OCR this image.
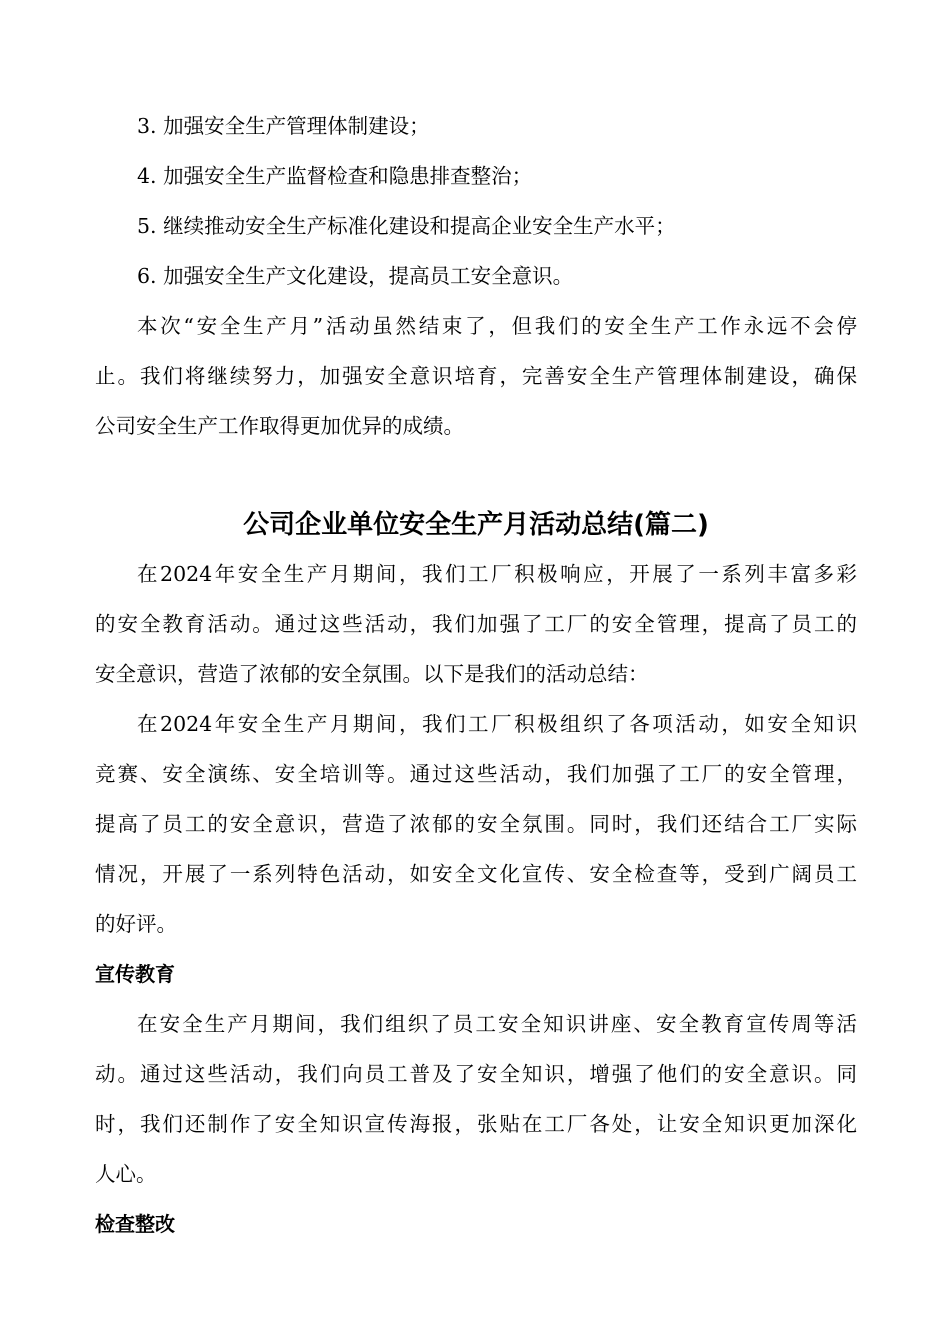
3. 加强安全生产管理体制建设；
4. 加强安全生产监督检查和隐患排查整治；
5. 继续推动安全生产标准化建设和提高企业安全生产水平；
6. 加强安全生产文化建设，提高员工安全意识。
本次“安全生产月”活动虽然结束了，但我们的安全生产工作永远不会停
止。我们将继续努力，加强安全意识培育，完善安全生产管理体制建设，确保
公司安全生产工作取得更加优异的成绩。
公司企业单位安全生产月活动总结(篇二)
在2024年安全生产月期间，我们工厂积极响应，开展了一系列丰富多彩
的安全教育活动。通过这些活动，我们加强了工厂的安全管理，提高了员工的
安全意识，营造了浓郁的安全氛围。以下是我们的活动总结：
在2024年安全生产月期间，我们工厂积极组织了各项活动，如安全知识
竞赛、安全演练、安全培训等。通过这些活动，我们加强了工厂的安全管理，
提高了员工的安全意识，营造了浓郁的安全氛围。同时，我们还结合工厂实际
情况，开展了一系列特色活动，如安全文化宣传、安全检查等，受到广阔员工
的好评。
宣传教育
在安全生产月期间，我们组织了员工安全知识讲座、安全教育宣传周等活
动。通过这些活动，我们向员工普及了安全知识，增强了他们的安全意识。同
时，我们还制作了安全知识宣传海报，张贴在工厂各处，让安全知识更加深化
人心。
检查整改
